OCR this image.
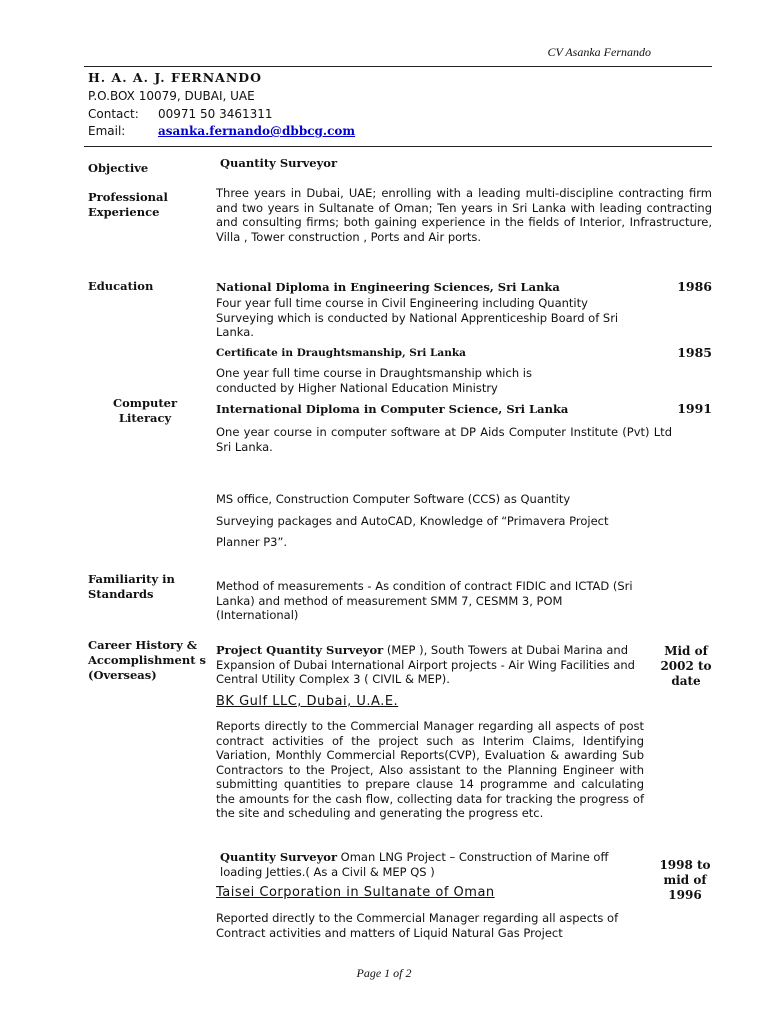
CV Asanka Fernando
H. A. A. J. FERNANDO
P.O.BOX 10079, DUBAI, UAE
Contact: 00971 50 3461311
Email:	asanka.fernando@dbbcg.com
Objective	Quantity Surveyor
Professional Experience
Three years in Dubai, UAE; enrolling with a leading multi-discipline contracting firm and two years in Sultanate of Oman; Ten years in Sri Lanka with leading contracting and consulting firms; both gaining experience in the fields of Interior, Infrastructure, Villa , Tower construction , Ports and Air ports.
Education	National Diploma in Engineering Sciences, Sri Lanka	1986
Four year full time course in Civil Engineering including Quantity Surveying which is conducted by National Apprenticeship Board of Sri Lanka.
Certificate in Draughtsmanship, Sri Lanka	1985
One year full time course in Draughtsmanship which is conducted by Higher National Education Ministry
Computer Literacy
International Diploma in Computer Science, Sri Lanka	1991
One year course in computer software at DP Aids Computer Institute (Pvt) Ltd Sri Lanka.
MS office, Construction Computer Software (CCS) as Quantity
Surveying packages and AutoCAD, Knowledge of “Primavera Project
Planner P3”.
Familiarity in Standards
Method of measurements - As condition of contract FIDIC and ICTAD (Sri Lanka) and method of measurement SMM 7, CESMM 3, POM (International)
Career History & Accomplishment s (Overseas)
Project Quantity Surveyor (MEP ), South Towers at Dubai Marina and Expansion of Dubai International Airport projects - Air Wing Facilities and Central Utility Complex 3 ( CIVIL & MEP).
Mid of 2002 to date
BK Gulf LLC, Dubai, U.A.E.
Reports directly to the Commercial Manager regarding all aspects of post contract activities of the project such as Interim Claims, Identifying Variation, Monthly Commercial Reports(CVP), Evaluation & awarding Sub Contractors to the Project, Also assistant to the Planning Engineer with submitting quantities to prepare clause 14 programme and calculating the amounts for the cash flow, collecting data for tracking the progress of the site and scheduling and generating the progress etc.
Quantity Surveyor Oman LNG Project – Construction of Marine off loading Jetties.( As a Civil & MEP QS )	1998 to mid of 1996
Taisei Corporation in Sultanate of Oman
Reported directly to the Commercial Manager regarding all aspects of Contract activities and matters of Liquid Natural Gas Project
Page 1 of 2
